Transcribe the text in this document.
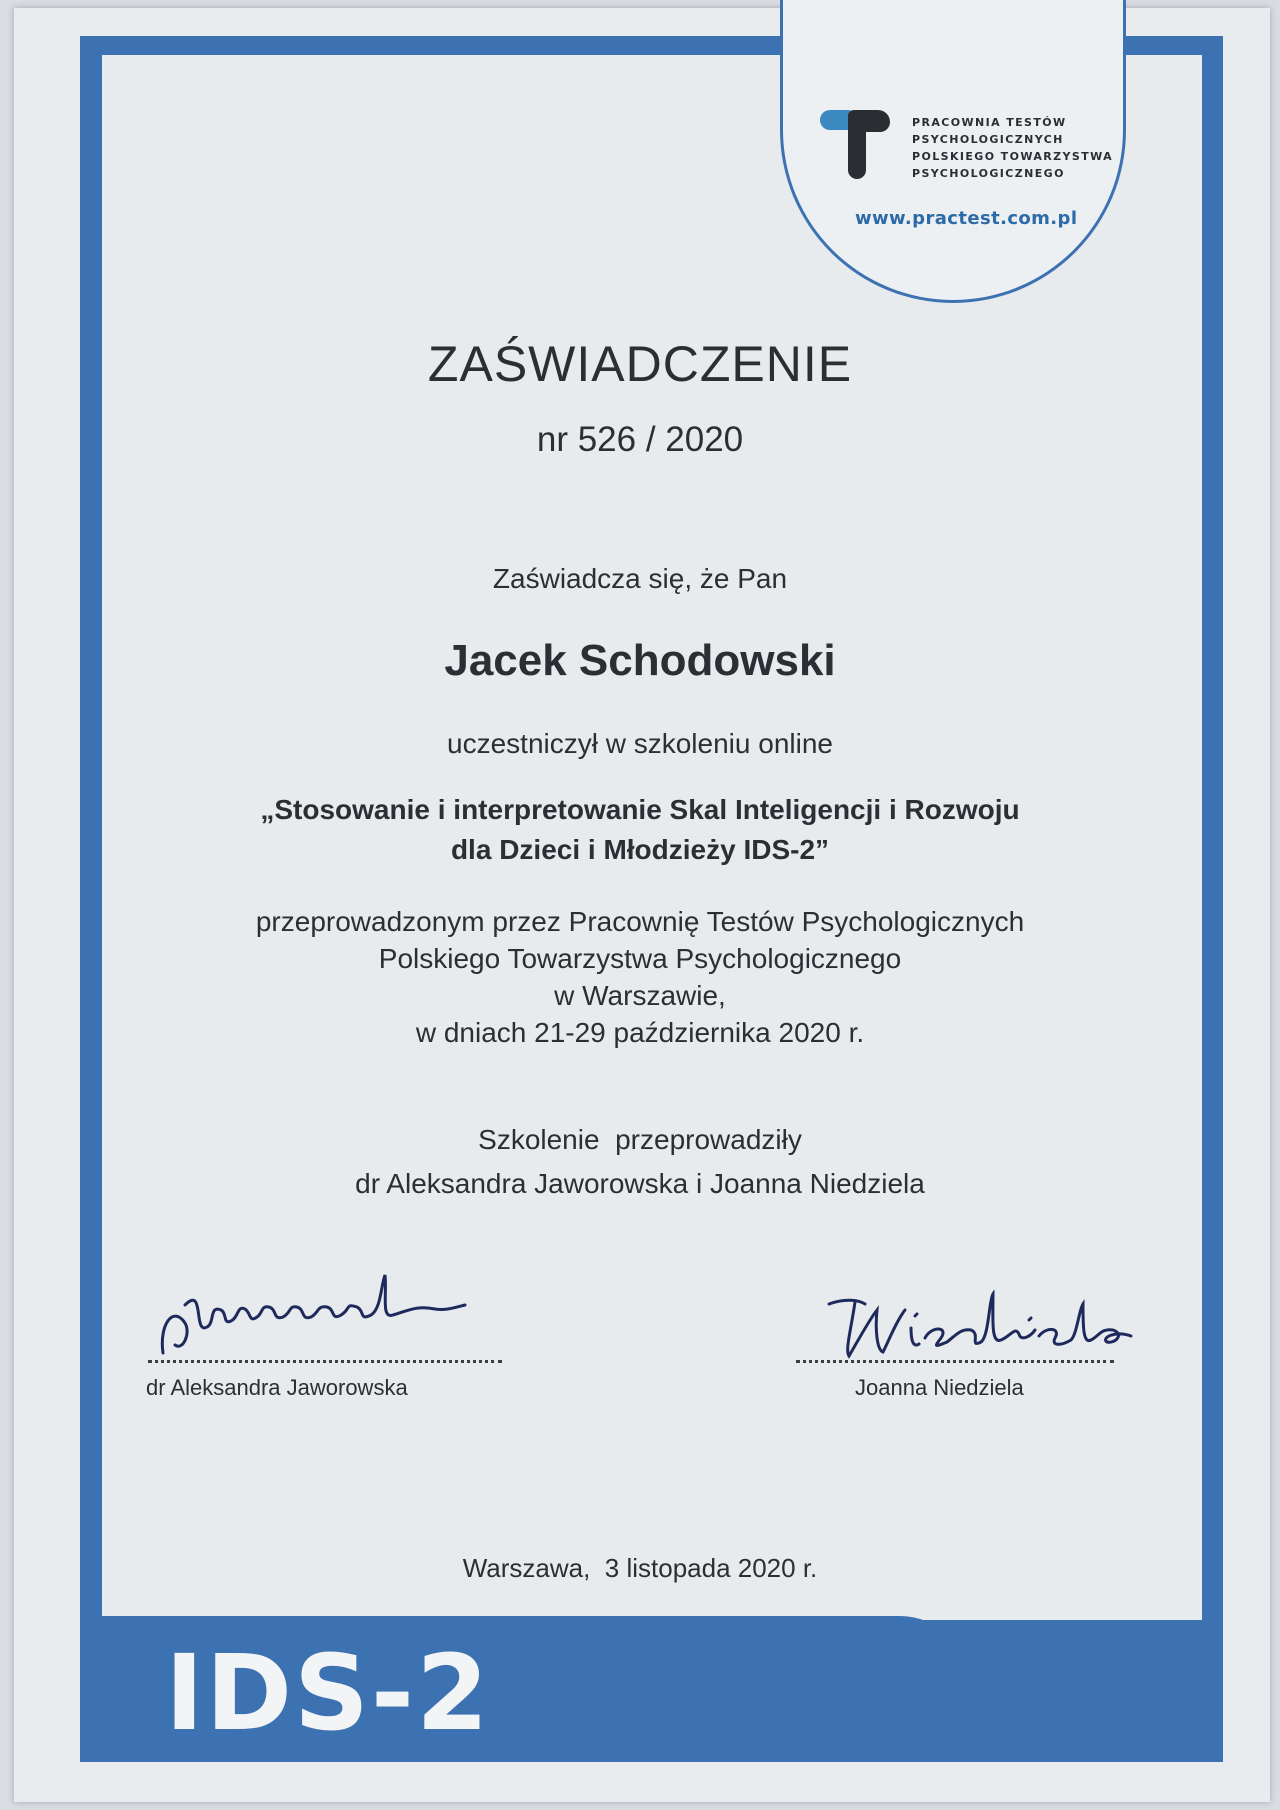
PRACOWNIA TESTÓW
PSYCHOLOGICZNYCH
POLSKIEGO TOWARZYSTWA
PSYCHOLOGICZNEGO
www.practest.com.pl
ZAŚWIADCZENIE
nr 526 / 2020
Zaświadcza się, że Pan
Jacek Schodowski
uczestniczył w szkoleniu online
„Stosowanie i interpretowanie Skal Inteligencji i Rozwoju
dla Dzieci i Młodzieży IDS-2”
przeprowadzonym przez Pracownię Testów Psychologicznych
Polskiego Towarzystwa Psychologicznego
w Warszawie,
w dniach 21-29 października 2020 r.
Szkolenie  przeprowadziły
dr Aleksandra Jaworowska i Joanna Niedziela
dr Aleksandra Jaworowska	Joanna Niedziela
Warszawa,  3 listopada 2020 r.
IDS-2
